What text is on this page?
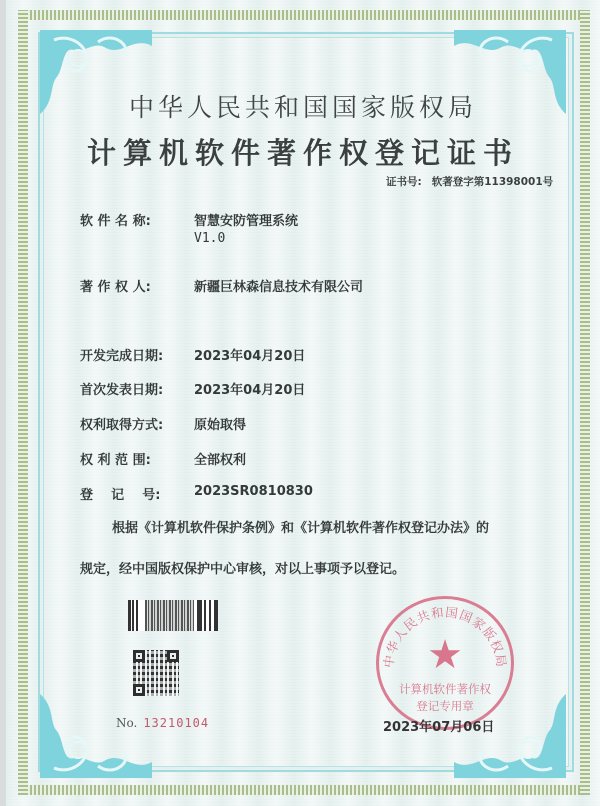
中华人民共和国国家版权局
计算机软件著作权登记证书
证书号: 软著登字第11398001号
软 件 名 称:	智慧安防管理系统
V1.0
著 作 权 人:	新疆巨林森信息技术有限公司
开发完成日期:	2023年04月20日
首次发表日期:	2023年04月20日
权利取得方式:	原始取得
权 利 范 围:	全部权利
登    记    号:	2023SR0810830
根据《计算机软件保护条例》和《计算机软件著作权登记办法》的
规定，经中国版权保护中心审核，对以上事项予以登记。
No. 13210104
中华人民共和国国家版权局
★
计算机软件著作权
登记专用章
2023年07月06日
